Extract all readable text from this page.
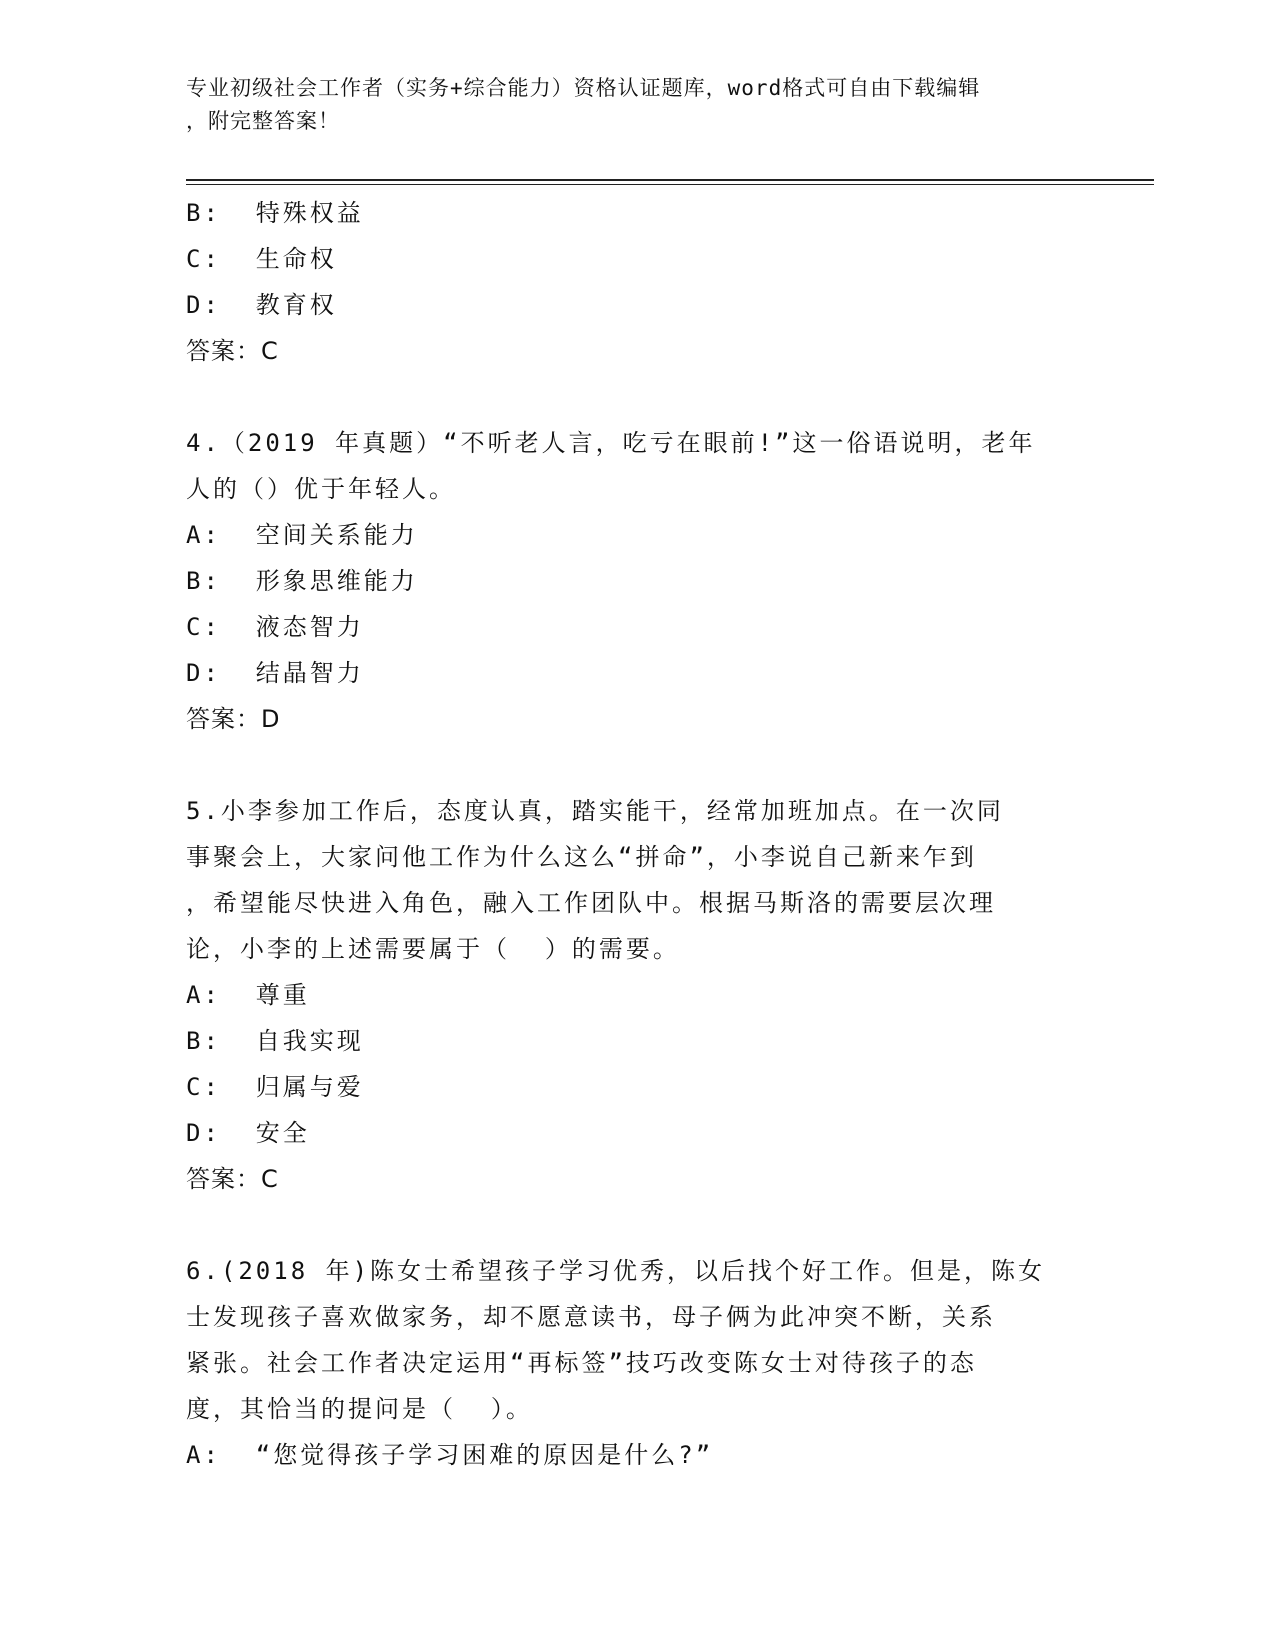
专业初级社会工作者（实务+综合能力）资格认证题库，word格式可自由下载编辑
，附完整答案！
B:  特殊权益
C:  生命权
D:  教育权
答案：C
4.（2019 年真题）“不听老人言，吃亏在眼前!”这一俗语说明，老年
人的（）优于年轻人。
A:  空间关系能力
B:  形象思维能力
C:  液态智力
D:  结晶智力
答案：D
5.小李参加工作后，态度认真，踏实能干，经常加班加点。在一次同
事聚会上，大家问他工作为什么这么“拼命”，小李说自己新来乍到
，希望能尽快进入角色，融入工作团队中。根据马斯洛的需要层次理
论，小李的上述需要属于（  ）的需要。
A:  尊重
B:  自我实现
C:  归属与爱
D:  安全
答案：C
6.(2018 年)陈女士希望孩子学习优秀，以后找个好工作。但是，陈女
士发现孩子喜欢做家务，却不愿意读书，母子俩为此冲突不断，关系
紧张。社会工作者决定运用“再标签”技巧改变陈女士对待孩子的态
度，其恰当的提问是（  ）。
A:  “您觉得孩子学习困难的原因是什么?”
